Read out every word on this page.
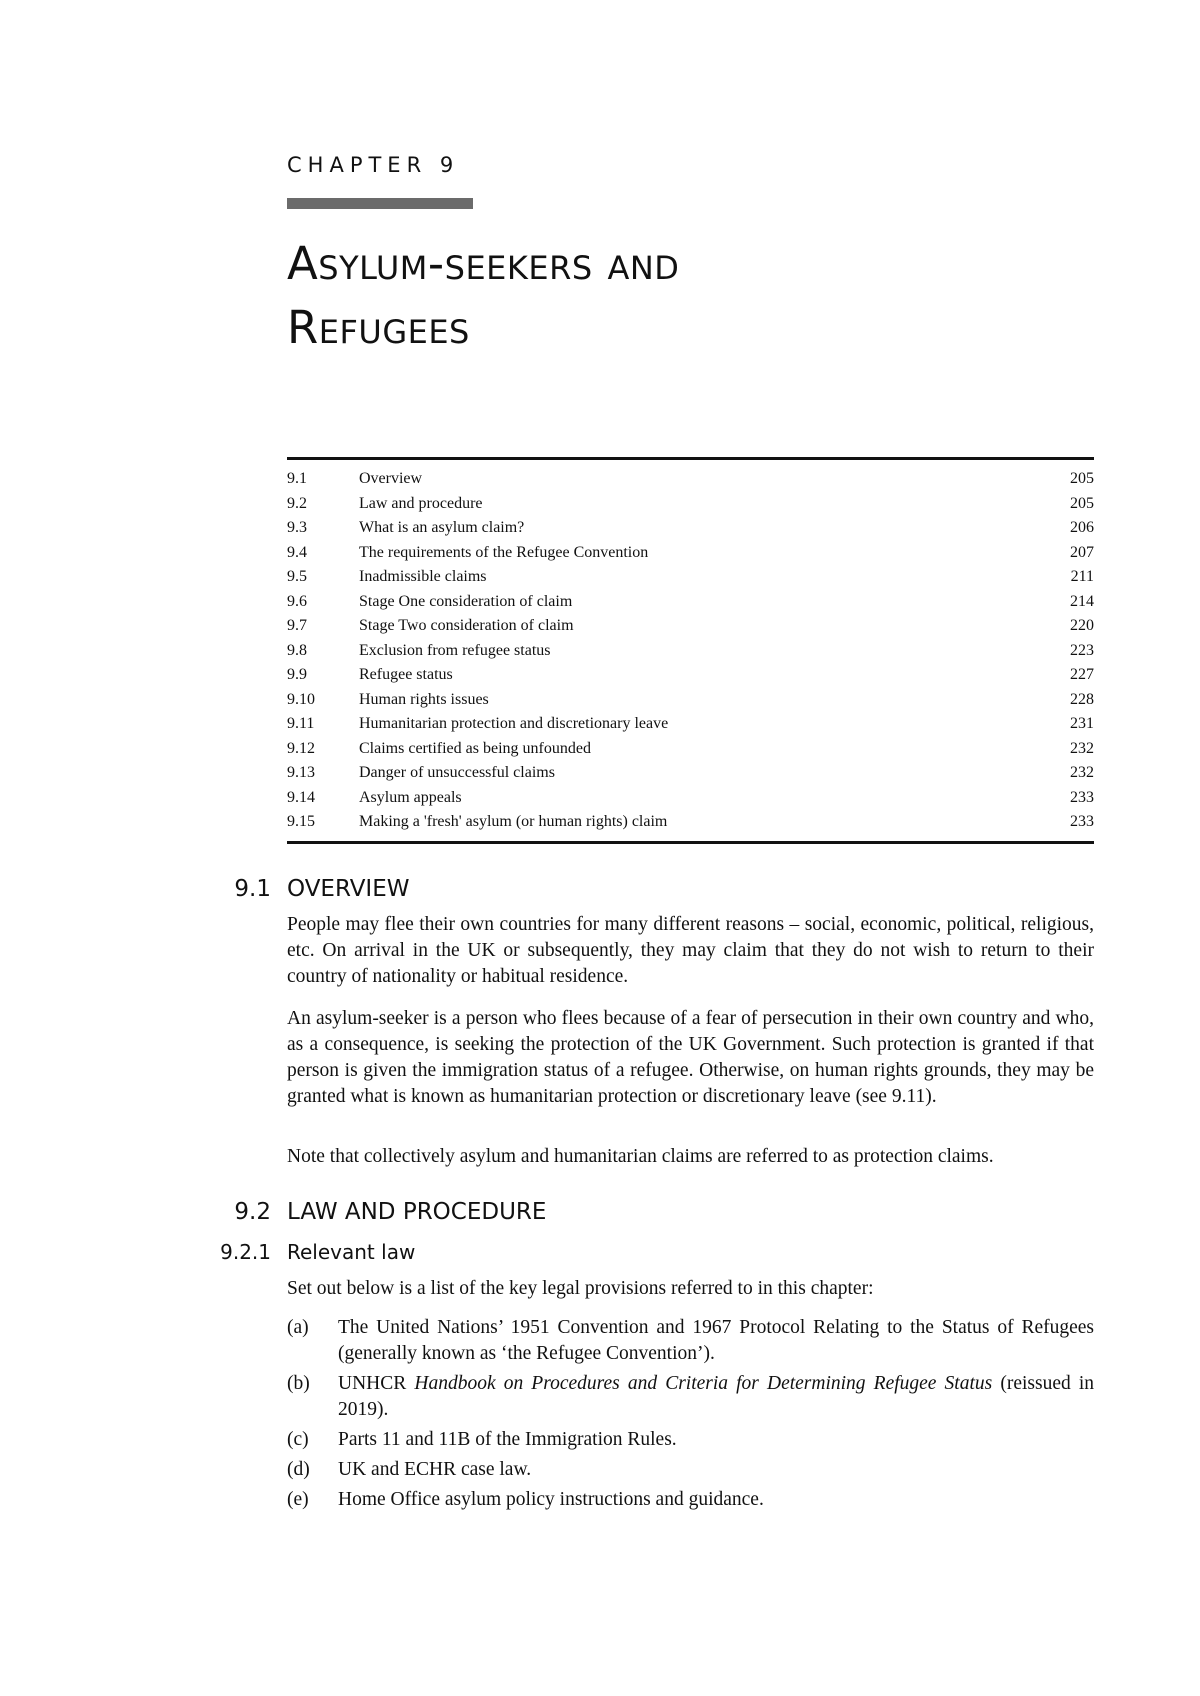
CHAPTER 9
Asylum-seekers and
Refugees
9.1	Overview	205
9.2	Law and procedure	205
9.3	What is an asylum claim?	206
9.4	The requirements of the Refugee Convention	207
9.5	Inadmissible claims	211
9.6	Stage One consideration of claim	214
9.7	Stage Two consideration of claim	220
9.8	Exclusion from refugee status	223
9.9	Refugee status	227
9.10	Human rights issues	228
9.11	Humanitarian protection and discretionary leave	231
9.12	Claims certified as being unfounded	232
9.13	Danger of unsuccessful claims	232
9.14	Asylum appeals	233
9.15	Making a 'fresh' asylum (or human rights) claim	233
9.1 OVERVIEW

People may flee their own countries for many different reasons – social, economic, political, religious, etc. On arrival in the UK or subsequently, they may claim that they do not wish to return to their country of nationality or habitual residence.

An asylum-seeker is a person who flees because of a fear of persecution in their own country and who, as a consequence, is seeking the protection of the UK Government. Such protection is granted if that person is given the immigration status of a refugee. Otherwise, on human rights grounds, they may be granted what is known as humanitarian protection or discretionary leave (see 9.11).

Note that collectively asylum and humanitarian claims are referred to as protection claims.

9.2 LAW AND PROCEDURE
9.2.1 Relevant law

Set out below is a list of the key legal provisions referred to in this chapter:

(a)	The United Nations’ 1951 Convention and 1967 Protocol Relating to the Status of Refugees (generally known as ‘the Refugee Convention’).
(b)	UNHCR Handbook on Procedures and Criteria for Determining Refugee Status (reissued in 2019).
(c)	Parts 11 and 11B of the Immigration Rules.
(d)	UK and ECHR case law.
(e)	Home Office asylum policy instructions and guidance.
